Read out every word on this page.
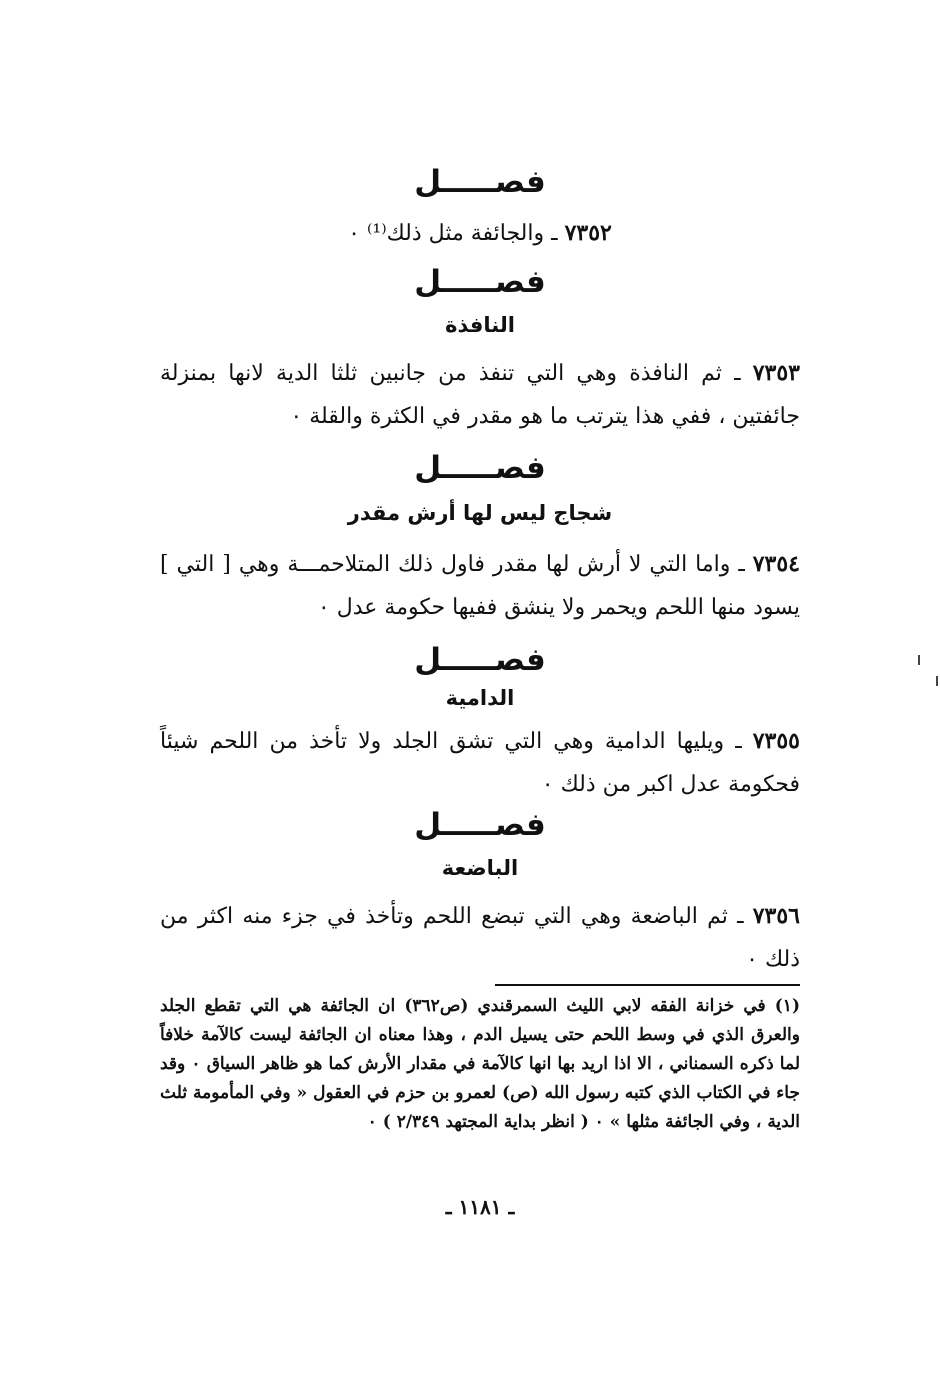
فصـــــل
٧٣٥٢ ـ والجائفة مثل ذلك⁽¹⁾ ٠
فصـــــل
النافذة
٧٣٥٣ ـ ثم النافذة وهي التي تنفذ من جانبين ثلثا الدية لانها بمنزلة جائفتين ، ففي هذا يترتب ما هو مقدر في الكثرة والقلة ٠
فصـــــل
شجاج ليس لها أرش مقدر
٧٣٥٤ ـ واما التي لا أرش لها مقدر فاول ذلك المتلاحمـــة وهي [ التي ] يسود منها اللحم ويحمر ولا ينشق ففيها حكومة عدل ٠
فصـــــل
الدامية
٧٣٥٥ ـ ويليها الدامية وهي التي تشق الجلد ولا تأخذ من اللحم شيئاً فحكومة عدل اكبر من ذلك ٠
فصـــــل
الباضعة
٧٣٥٦ ـ ثم الباضعة وهي التي تبضع اللحم وتأخذ في جزء منه اكثر من ذلك ٠
(١) في خزانة الفقه لابي الليث السمرقندي (ص٣٦٢) ان الجائفة هي التي تقطع الجلد والعرق الذي في وسط اللحم حتى يسيل الدم ، وهذا معناه ان الجائفة ليست كالآمة خلافاً لما ذكره السمناني ، الا اذا اريد بها انها كالآمة في مقدار الأرش كما هو ظاهر السياق ٠ وقد جاء في الكتاب الذي كتبه رسول الله (ص) لعمرو بن حزم في العقول « وفي المأمومة ثلث الدية ، وفي الجائفة مثلها » ٠ ( انظر بداية المجتهد ٢/٣٤٩ ) ٠
ـ ١١٨١ ـ
